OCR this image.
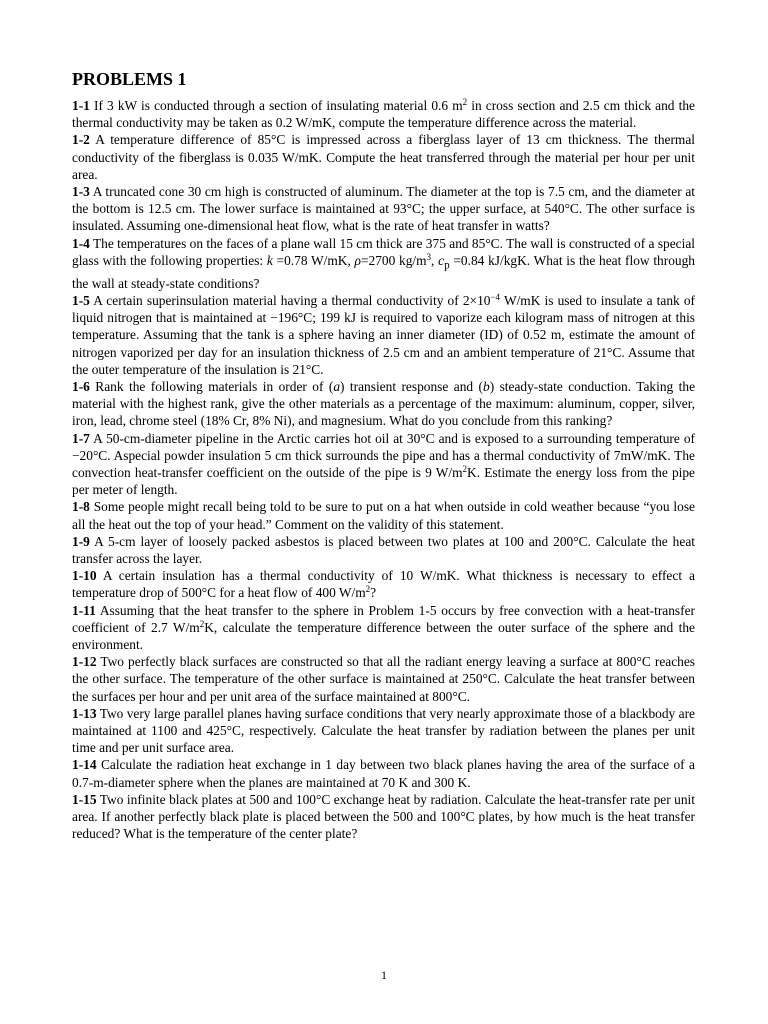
PROBLEMS 1

1-1 If 3 kW is conducted through a section of insulating material 0.6 $m^2$ in cross section and 2.5 cm thick and the thermal conductivity may be taken as 0.2 W/mK, compute the temperature difference across the material.

1-2 A temperature difference of 85°C is impressed across a fiberglass layer of 13 cm thickness. The thermal conductivity of the fiberglass is 0.035 W/mK. Compute the heat transferred through the material per hour per unit area.

1-3 A truncated cone 30 cm high is constructed of aluminum. The diameter at the top is 7.5 cm, and the diameter at the bottom is 12.5 cm. The lower surface is maintained at 93°C; the upper surface, at 540°C. The other surface is insulated. Assuming one-dimensional heat flow, what is the rate of heat transfer in watts?

1-4 The temperatures on the faces of a plane wall 15 cm thick are 375 and 85°C. The wall is constructed of a special glass with the following properties: k =0.78 W/mK, ρ=2700 $kg/m^3$, $c_p =0.84$ kJ/kgK. What is the heat flow through the wall at steady-state conditions?

1-5 A certain superinsulation material having a thermal conductivity of $2\times 10^{-4}$ W/mK is used to insulate a tank of liquid nitrogen that is maintained at −196°C; 199 kJ is required to vaporize each kilogram mass of nitrogen at this temperature. Assuming that the tank is a sphere having an inner diameter (ID) of 0.52 m, estimate the amount of nitrogen vaporized per day for an insulation thickness of 2.5 cm and an ambient temperature of 21°C. Assume that the outer temperature of the insulation is 21°C.

1-6 Rank the following materials in order of (a) transient response and (b) steady-state conduction. Taking the material with the highest rank, give the other materials as a percentage of the maximum: aluminum, copper, silver, iron, lead, chrome steel (18% Cr, 8% Ni), and magnesium. What do you conclude from this ranking?

1-7 A 50-cm-diameter pipeline in the Arctic carries hot oil at 30°C and is exposed to a surrounding temperature of −20°C. Aspecial powder insulation 5 cm thick surrounds the pipe and has a thermal conductivity of 7mW/mK. The convection heat-transfer coefficient on the outside of the pipe is 9 $W/m^2K$. Estimate the energy loss from the pipe per meter of length.

1-8 Some people might recall being told to be sure to put on a hat when outside in cold weather because “you lose all the heat out the top of your head.” Comment on the validity of this statement.

1-9 A 5-cm layer of loosely packed asbestos is placed between two plates at 100 and 200°C. Calculate the heat transfer across the layer.

1-10 A certain insulation has a thermal conductivity of 10 W/mK. What thickness is necessary to effect a temperature drop of 500°C for a heat flow of 400 $W/m^2$?

1-11 Assuming that the heat transfer to the sphere in Problem 1-5 occurs by free convection with a heat-transfer coefficient of 2.7 $W/m^2K$, calculate the temperature difference between the outer surface of the sphere and the environment.

1-12 Two perfectly black surfaces are constructed so that all the radiant energy leaving a surface at 800°C reaches the other surface. The temperature of the other surface is maintained at 250°C. Calculate the heat transfer between the surfaces per hour and per unit area of the surface maintained at 800°C.

1-13 Two very large parallel planes having surface conditions that very nearly approximate those of a blackbody are maintained at 1100 and 425°C, respectively. Calculate the heat transfer by radiation between the planes per unit time and per unit surface area.

1-14 Calculate the radiation heat exchange in 1 day between two black planes having the area of the surface of a 0.7-m-diameter sphere when the planes are maintained at 70 K and 300 K.

1-15 Two infinite black plates at 500 and 100°C exchange heat by radiation. Calculate the heat-transfer rate per unit area. If another perfectly black plate is placed between the 500 and 100°C plates, by how much is the heat transfer reduced? What is the temperature of the center plate?

1
